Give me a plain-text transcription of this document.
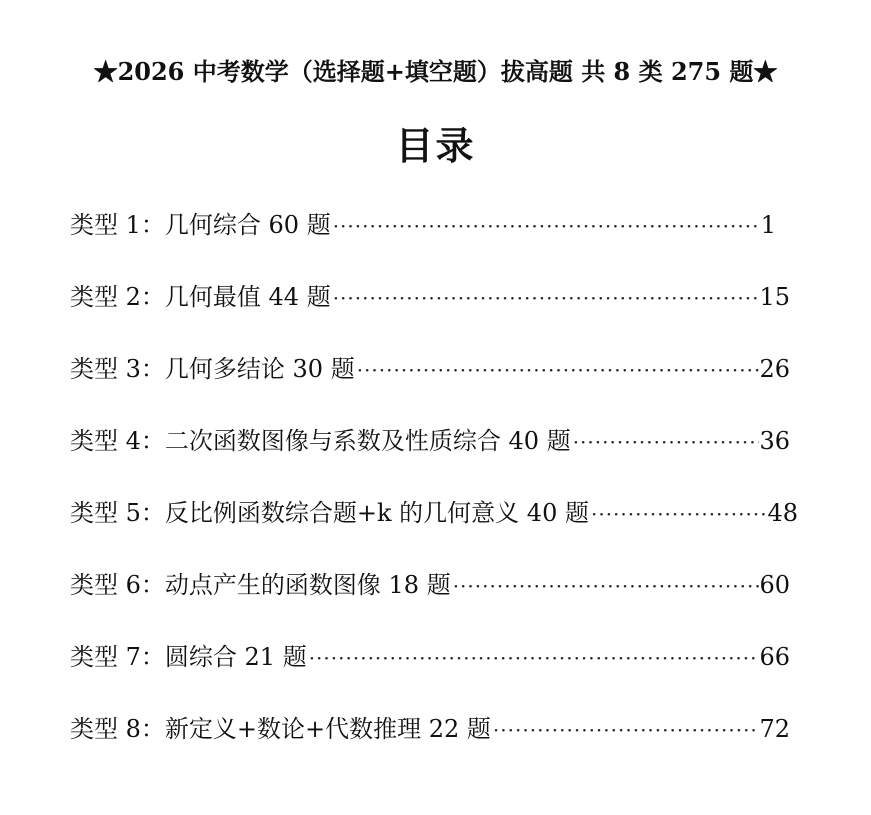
★2026 中考数学（选择题+填空题）拔高题 共 8 类 275 题★
目录
类型 1：几何综合 60 题 ·····	1
类型 2：几何最值 44 题 ·····	15
类型 3：几何多结论 30 题 ·····	26
类型 4：二次函数图像与系数及性质综合 40 题 ·····	36
类型 5：反比例函数综合题+k 的几何意义 40 题 ·····	48
类型 6：动点产生的函数图像 18 题 ·····	60
类型 7：圆综合 21 题 ·····	66
类型 8：新定义+数论+代数推理 22 题 ·····	72
